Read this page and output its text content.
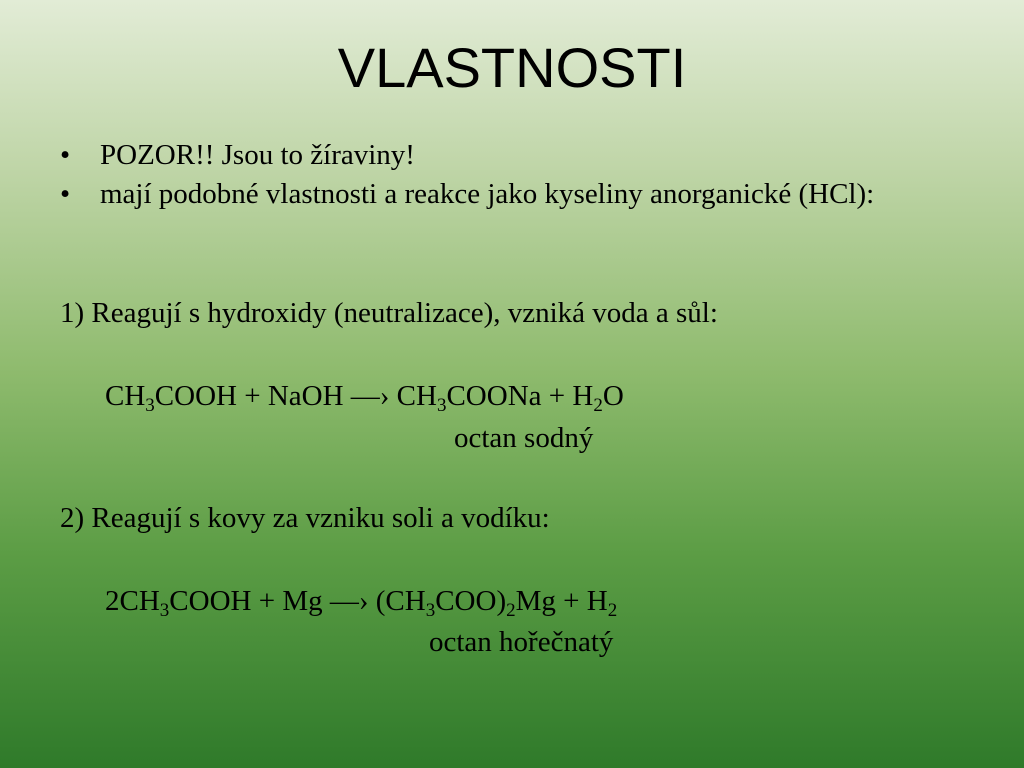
VLASTNOSTI
• POZOR!! Jsou to žíraviny!
• mají podobné vlastnosti a reakce jako kyseliny anorganické (HCl):
1) Reagují s hydroxidy (neutralizace), vzniká voda a sůl:
$CH_3COOH$ + NaOH ―› $CH_3COONa + H_2O$
octan sodný
2) Reagují s kovy za vzniku soli a vodíku:
$2CH_3COOH + Mg$ ―› $(CH_3COO)_2Mg + H_2$
octan hořečnatý
